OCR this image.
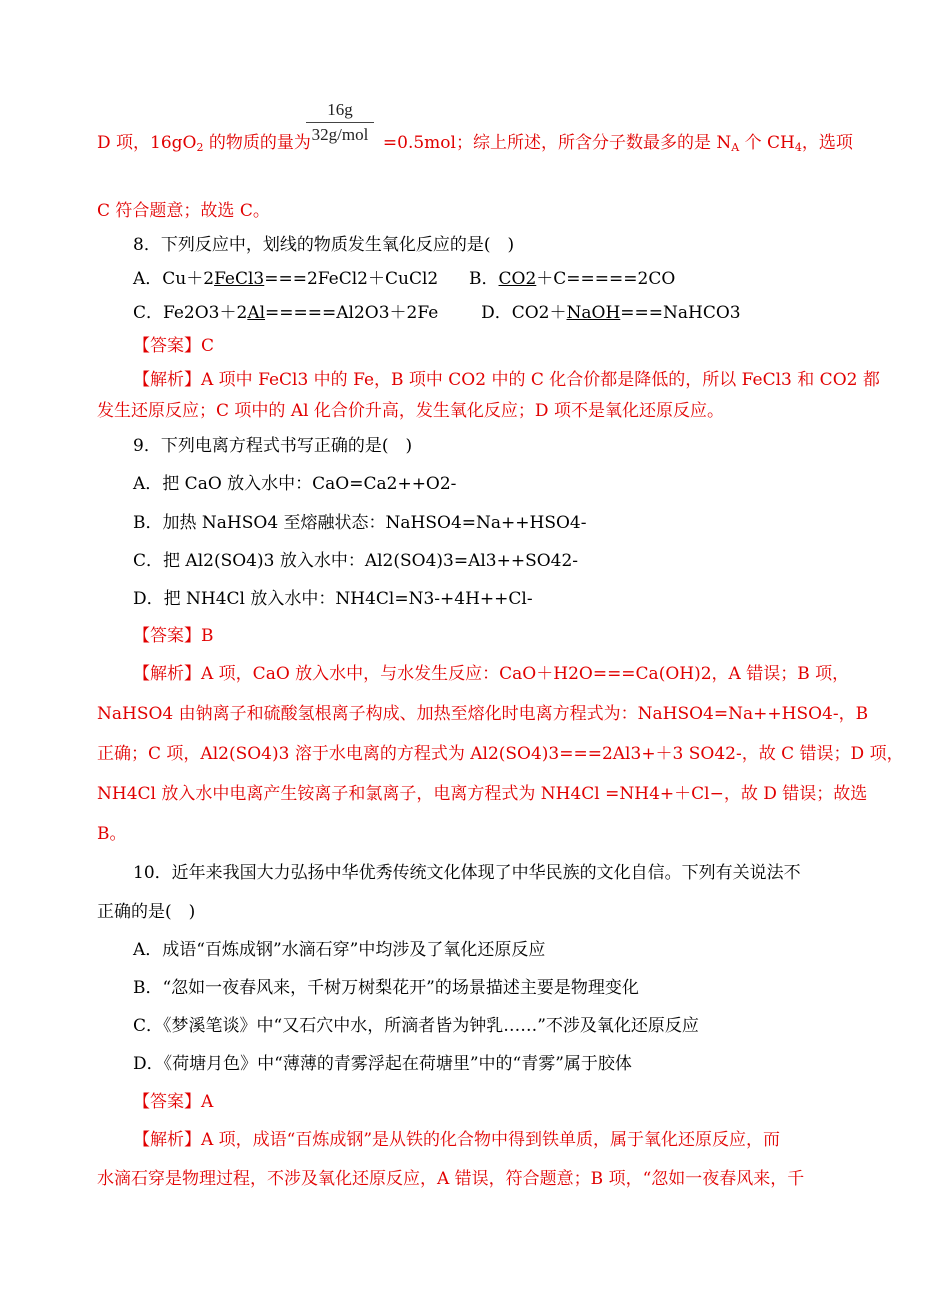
16g
32g/mol
D 项，$16gO_2$ 的物质的量为	=0.5mol；综上所述，所含分子数最多的是 $N_A$ 个 $CH_4$，选项
C 符合题意；故选 C。
8．下列反应中，划线的物质发生氧化反应的是(　)
A．Cu＋2FeCl3===2FeCl2＋CuCl2 B．CO2＋C=====2CO
C．Fe2O3＋2Al=====Al2O3＋2Fe	D．CO2＋NaOH===NaHCO3
【答案】C
【解析】A 项中 FeCl3 中的 Fe，B 项中 CO2 中的 C 化合价都是降低的，所以 FeCl3 和 CO2 都
发生还原反应；C 项中的 Al 化合价升高，发生氧化反应；D 项不是氧化还原反应。
9．下列电离方程式书写正确的是(　)
A．把 CaO 放入水中：CaO=Ca2++O2-
B．加热 NaHSO4 至熔融状态：NaHSO4=Na++HSO4-
C．把 Al2(SO4)3 放入水中：Al2(SO4)3=Al3++SO42-
D．把 NH4Cl 放入水中：NH4Cl=N3-+4H++Cl-
【答案】B
【解析】A 项，CaO 放入水中，与水发生反应：CaO＋H2O===Ca(OH)2，A 错误；B 项，
NaHSO4 由钠离子和硫酸氢根离子构成、加热至熔化时电离方程式为：NaHSO4=Na++HSO4-，B
正确；C 项，Al2(SO4)3 溶于水电离的方程式为 Al2(SO4)3===2Al3+＋3 SO42-，故 C 错误；D 项，
NH4Cl 放入水中电离产生铵离子和氯离子，电离方程式为 NH4Cl =NH4+＋Cl−，故 D 错误；故选
B。
10．近年来我国大力弘扬中华优秀传统文化体现了中华民族的文化自信。下列有关说法不
正确的是(　)
A．成语“百炼成钢”水滴石穿”中均涉及了氧化还原反应
B．“忽如一夜春风来，千树万树梨花开”的场景描述主要是物理变化
C．《梦溪笔谈》中“又石穴中水，所滴者皆为钟乳……”不涉及氧化还原反应
D．《荷塘月色》中“薄薄的青雾浮起在荷塘里”中的“青雾”属于胶体
【答案】A
【解析】A 项，成语“百炼成钢”是从铁的化合物中得到铁单质，属于氧化还原反应，而
水滴石穿是物理过程，不涉及氧化还原反应，A 错误，符合题意；B 项，“忽如一夜春风来，千
